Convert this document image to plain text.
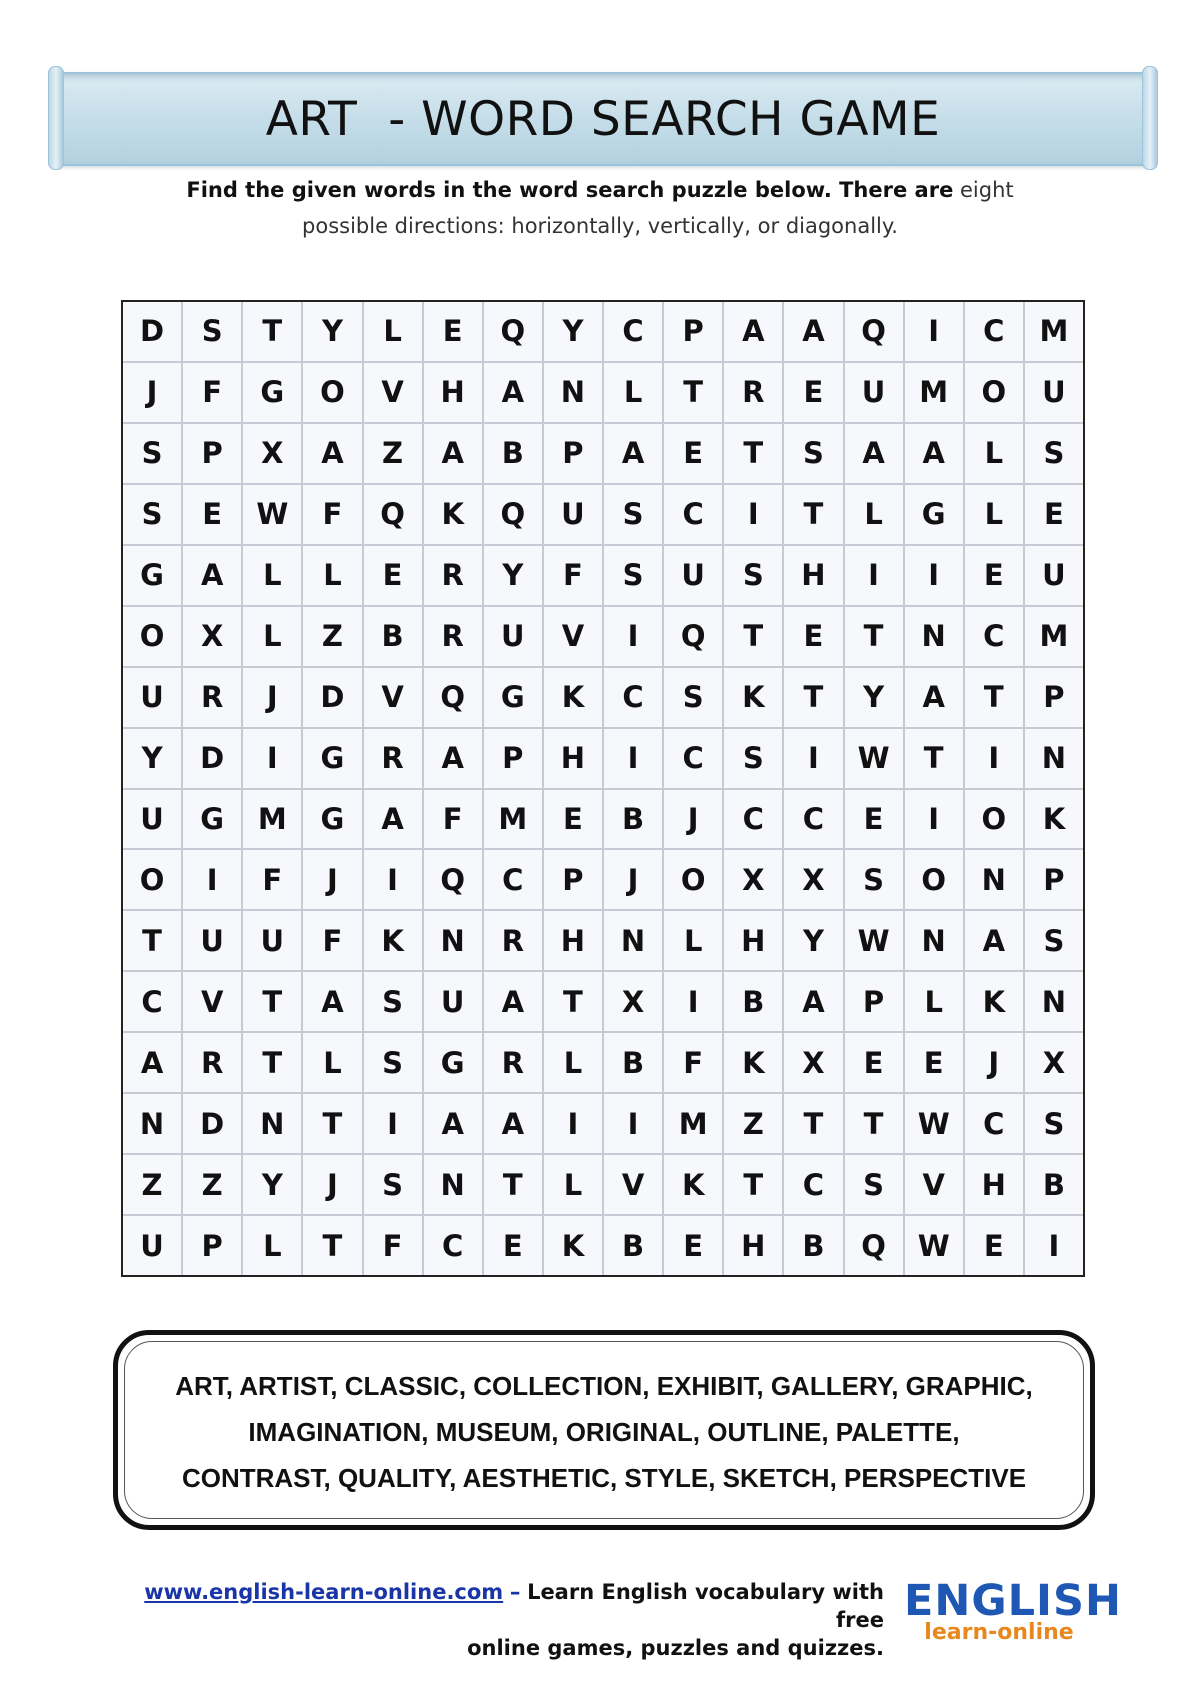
ART  - WORD SEARCH GAME
Find the given words in the word search puzzle below. There are eight
possible directions: horizontally, vertically, or diagonally.
D	S	T	Y	L	E	Q	Y	C	P	A	A	Q	I	C	M
J	F	G	O	V	H	A	N	L	T	R	E	U	M	O	U
S	P	X	A	Z	A	B	P	A	E	T	S	A	A	L	S
S	E	W	F	Q	K	Q	U	S	C	I	T	L	G	L	E
G	A	L	L	E	R	Y	F	S	U	S	H	I	I	E	U
O	X	L	Z	B	R	U	V	I	Q	T	E	T	N	C	M
U	R	J	D	V	Q	G	K	C	S	K	T	Y	A	T	P
Y	D	I	G	R	A	P	H	I	C	S	I	W	T	I	N
U	G	M	G	A	F	M	E	B	J	C	C	E	I	O	K
O	I	F	J	I	Q	C	P	J	O	X	X	S	O	N	P
T	U	U	F	K	N	R	H	N	L	H	Y	W	N	A	S
C	V	T	A	S	U	A	T	X	I	B	A	P	L	K	N
A	R	T	L	S	G	R	L	B	F	K	X	E	E	J	X
N	D	N	T	I	A	A	I	I	M	Z	T	T	W	C	S
Z	Z	Y	J	S	N	T	L	V	K	T	C	S	V	H	B
U	P	L	T	F	C	E	K	B	E	H	B	Q	W	E	I
ART, ARTIST, CLASSIC, COLLECTION, EXHIBIT, GALLERY, GRAPHIC,
IMAGINATION, MUSEUM, ORIGINAL, OUTLINE, PALETTE,
CONTRAST, QUALITY, AESTHETIC, STYLE, SKETCH, PERSPECTIVE
www.english-learn-online.com – Learn English vocabulary with free
online games, puzzles and quizzes.
ENGLISH
learn-online
